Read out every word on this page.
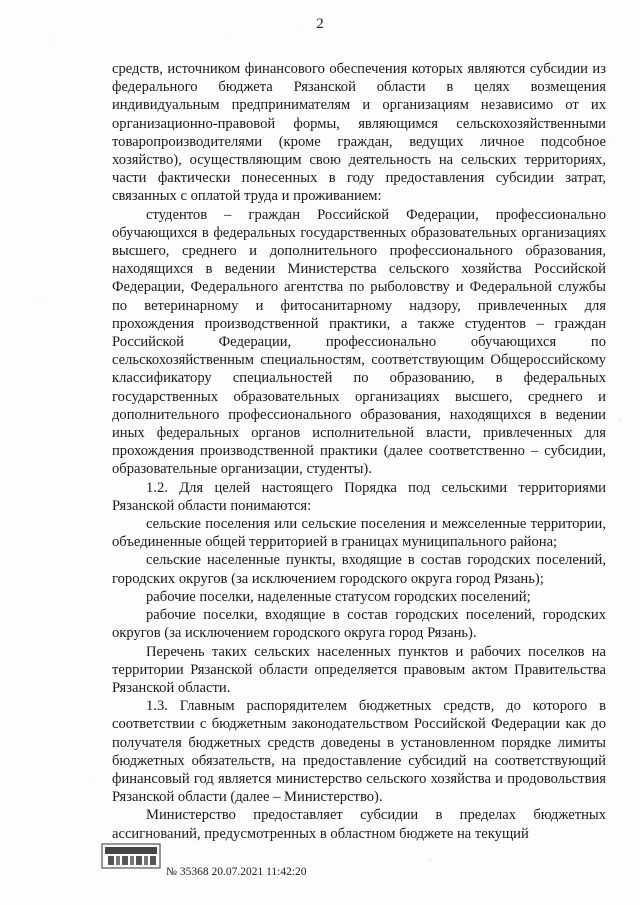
2

средств, источником финансового обеспечения которых являются субсидии из федерального бюджета Рязанской области в целях возмещения индивидуальным предпринимателям и организациям независимо от их организационно-правовой формы, являющимся сельскохозяйственными товаропроизводителями (кроме граждан, ведущих личное подсобное хозяйство), осуществляющим свою деятельность на сельских территориях, части фактически понесенных в году предоставления субсидии затрат, связанных с оплатой труда и проживанием:

студентов – граждан Российской Федерации, профессионально обучающихся в федеральных государственных образовательных организациях высшего, среднего и дополнительного профессионального образования, находящихся в ведении Министерства сельского хозяйства Российской Федерации, Федерального агентства по рыболовству и Федеральной службы по ветеринарному и фитосанитарному надзору, привлеченных для прохождения производственной практики, а также студентов – граждан Российской Федерации, профессионально обучающихся по сельскохозяйственным специальностям, соответствующим Общероссийскому классификатору специальностей по образованию, в федеральных государственных образовательных организациях высшего, среднего и дополнительного профессионального образования, находящихся в ведении иных федеральных органов исполнительной власти, привлеченных для прохождения производственной практики (далее соответственно – субсидии, образовательные организации, студенты).

1.2. Для целей настоящего Порядка под сельскими территориями Рязанской области понимаются:

сельские поселения или сельские поселения и межселенные территории, объединенные общей территорией в границах муниципального района;

сельские населенные пункты, входящие в состав городских поселений, городских округов (за исключением городского округа город Рязань);

рабочие поселки, наделенные статусом городских поселений;

рабочие поселки, входящие в состав городских поселений, городских округов (за исключением городского округа город Рязань).

Перечень таких сельских населенных пунктов и рабочих поселков на территории Рязанской области определяется правовым актом Правительства Рязанской области.

1.3. Главным распорядителем бюджетных средств, до которого в соответствии с бюджетным законодательством Российской Федерации как до получателя бюджетных средств доведены в установленном порядке лимиты бюджетных обязательств, на предоставление субсидий на соответствующий финансовый год является министерство сельского хозяйства и продовольствия Рязанской области (далее – Министерство).

Министерство предоставляет субсидии в пределах бюджетных ассигнований, предусмотренных в областном бюджете на текущий

№ 35368 20.07.2021 11:42:20
